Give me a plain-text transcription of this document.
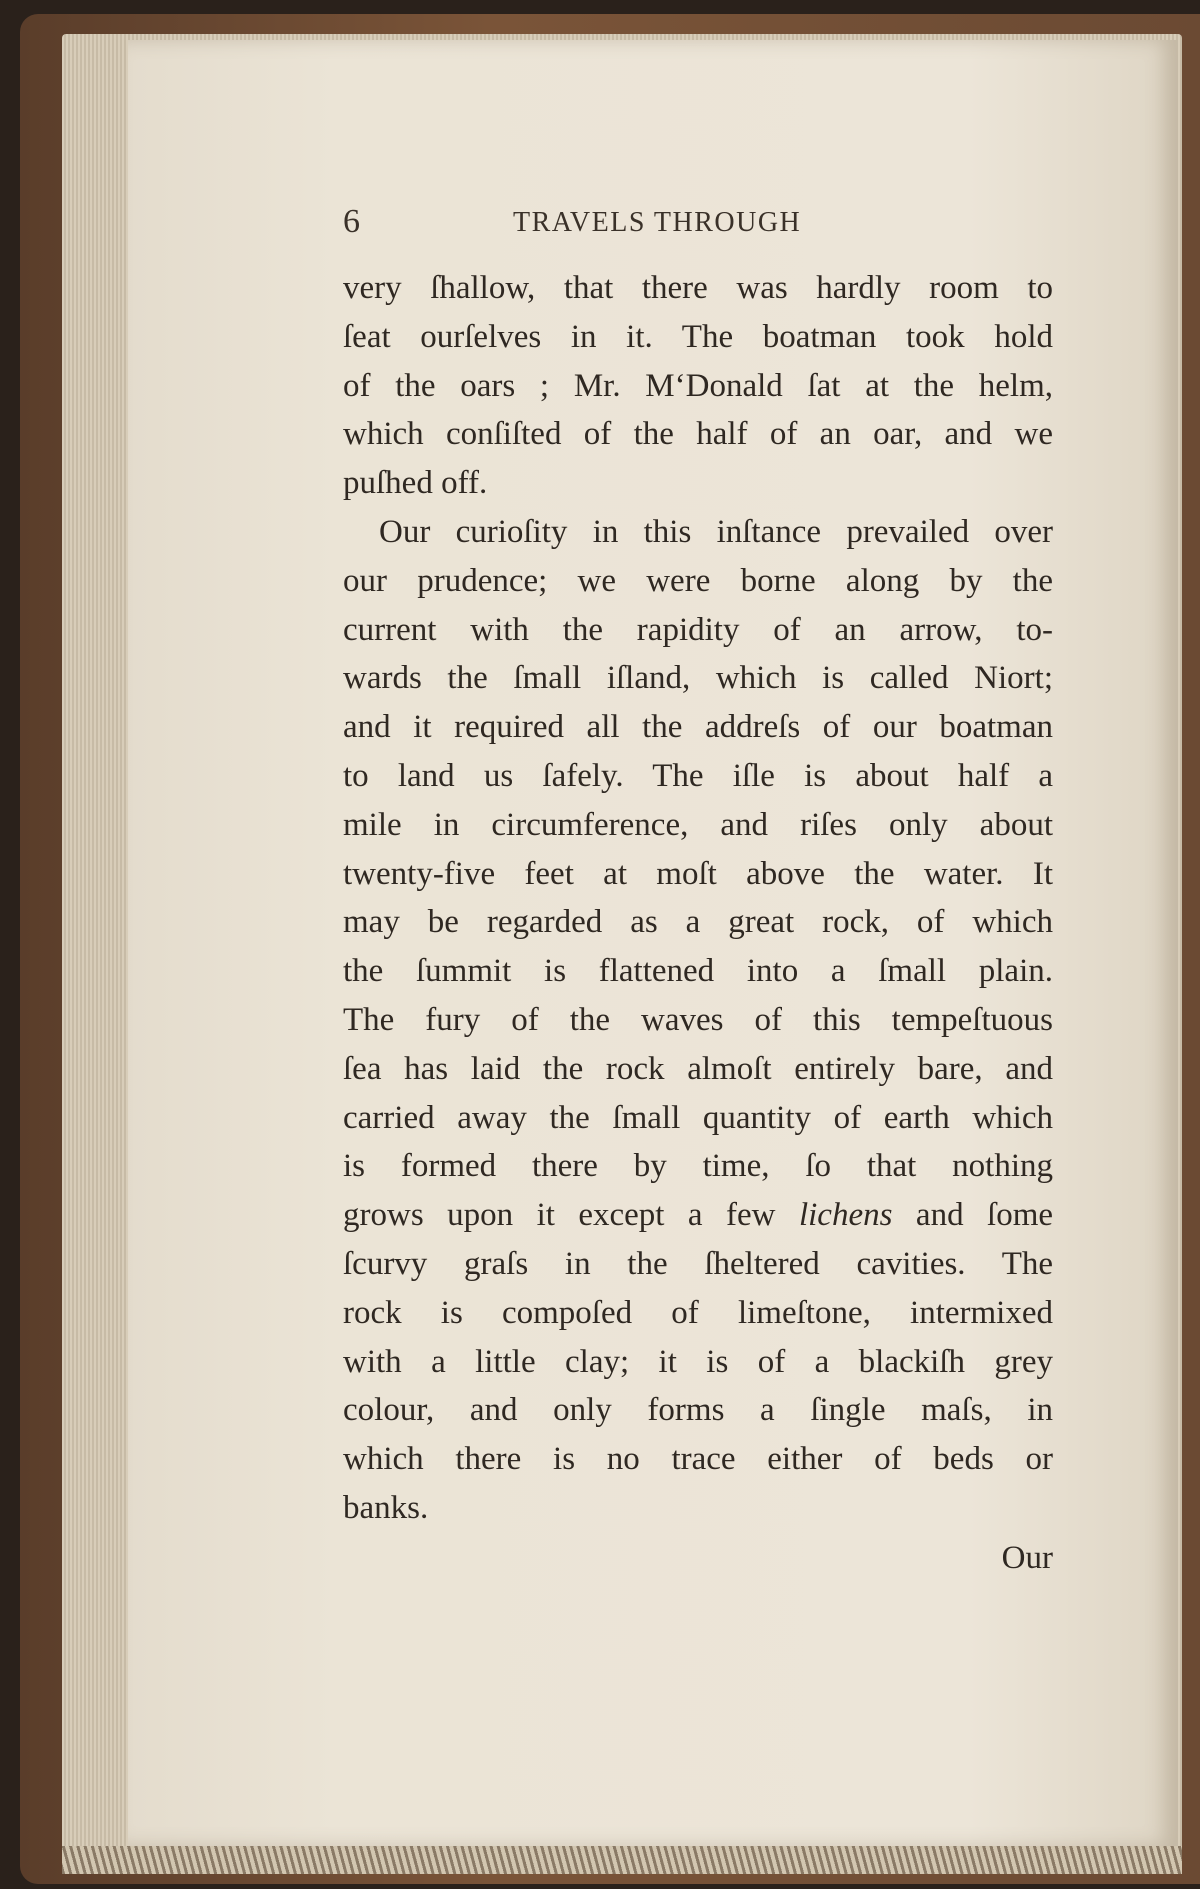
6	TRAVELS THROUGH
very ſhallow, that there was hardly room to
ſeat ourſelves in it. The boatman took hold
of the oars ; Mr. M‘Donald ſat at the helm,
which conſiſted of the half of an oar, and we
puſhed off.
Our curioſity in this inſtance prevailed over
our prudence; we were borne along by the
current with the rapidity of an arrow, to-
wards the ſmall iſland, which is called Niort;
and it required all the addreſs of our boatman
to land us ſafely. The iſle is about half a
mile in circumference, and riſes only about
twenty-five feet at moſt above the water. It
may be regarded as a great rock, of which
the ſummit is flattened into a ſmall plain.
The fury of the waves of this tempeſtuous
ſea has laid the rock almoſt entirely bare, and
carried away the ſmall quantity of earth which
is formed there by time, ſo that nothing
grows upon it except a few lichens and ſome
ſcurvy graſs in the ſheltered cavities. The
rock is compoſed of limeſtone, intermixed
with a little clay; it is of a blackiſh grey
colour, and only forms a ſingle maſs, in
which there is no trace either of beds or
banks.
Our
